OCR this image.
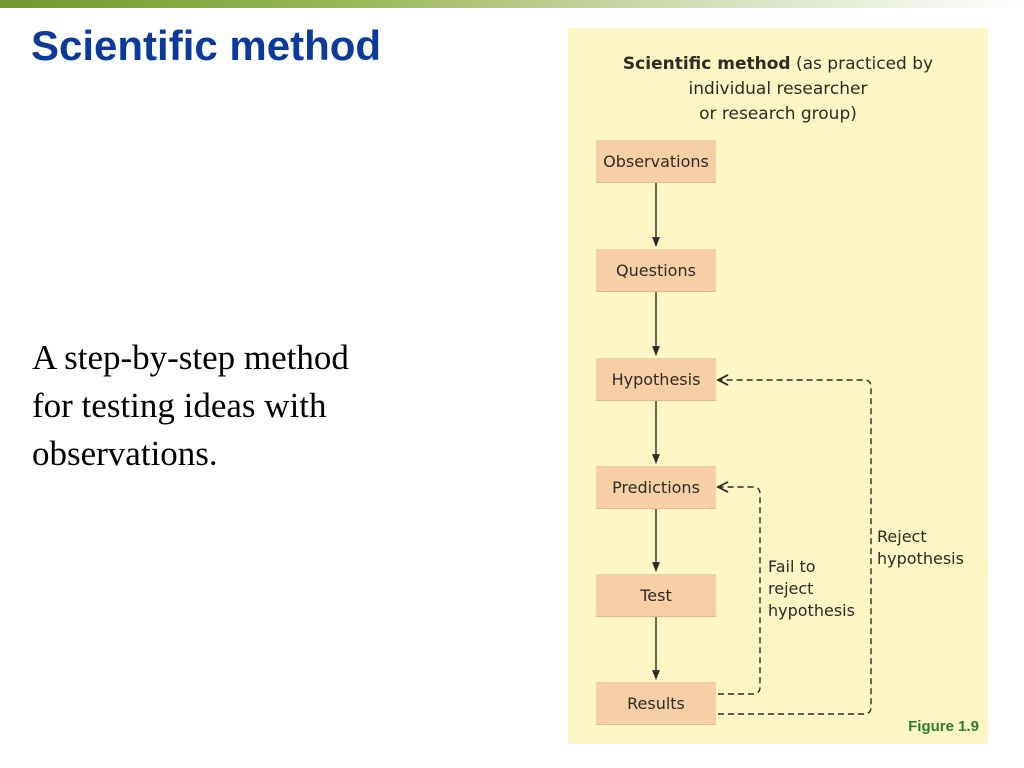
Scientific method
A step-by-step method
for testing ideas with
observations.
Scientific method (as practiced by
individual researcher
or research group)
Observations
Questions
Hypothesis
Predictions
Test
Results
Fail to
reject
hypothesis
Reject
hypothesis
Figure 1.9
